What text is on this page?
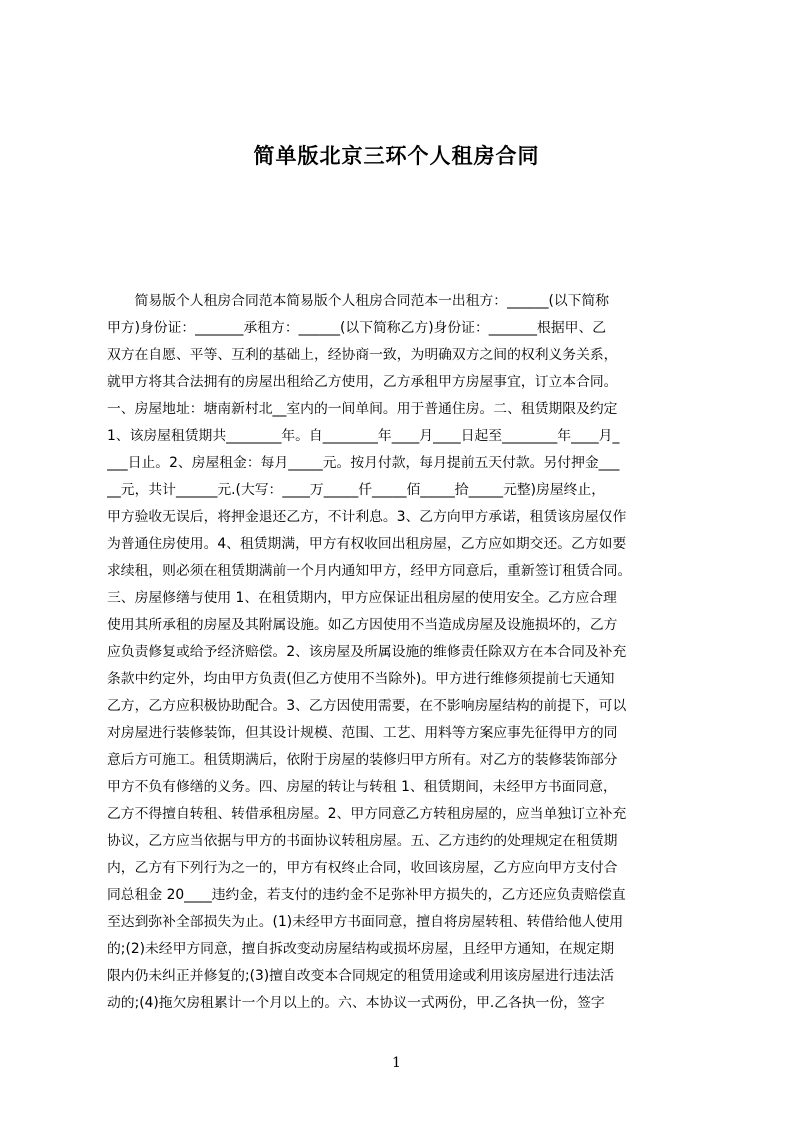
简单版北京三环个人租房合同
　　简易版个人租房合同范本简易版个人租房合同范本一出租方：______(以下简称
甲方)身份证：_______承租方：______(以下简称乙方)身份证：_______根据甲、乙
双方在自愿、平等、互利的基础上，经协商一致，为明确双方之间的权利义务关系，
就甲方将其合法拥有的房屋出租给乙方使用，乙方承租甲方房屋事宜，订立本合同。
一、房屋地址：塘南新村北__室内的一间单间。用于普通住房。二、租赁期限及约定
1、该房屋租赁期共________年。自________年____月____日起至________年____月_
___日止。2、房屋租金：每月_____元。按月付款，每月提前五天付款。另付押金___
__元，共计______元.(大写：____万_____仟_____佰_____拾_____元整)房屋终止，
甲方验收无误后，将押金退还乙方，不计利息。3、乙方向甲方承诺，租赁该房屋仅作
为普通住房使用。4、租赁期满，甲方有权收回出租房屋，乙方应如期交还。乙方如要
求续租，则必须在租赁期满前一个月内通知甲方，经甲方同意后，重新签订租赁合同。
三、房屋修缮与使用 1、在租赁期内，甲方应保证出租房屋的使用安全。乙方应合理
使用其所承租的房屋及其附属设施。如乙方因使用不当造成房屋及设施损坏的，乙方
应负责修复或给予经济赔偿。2、该房屋及所属设施的维修责任除双方在本合同及补充
条款中约定外，均由甲方负责(但乙方使用不当除外)。甲方进行维修须提前七天通知
乙方，乙方应积极协助配合。3、乙方因使用需要，在不影响房屋结构的前提下，可以
对房屋进行装修装饰，但其设计规模、范围、工艺、用料等方案应事先征得甲方的同
意后方可施工。租赁期满后，依附于房屋的装修归甲方所有。对乙方的装修装饰部分
甲方不负有修缮的义务。四、房屋的转让与转租 1、租赁期间，未经甲方书面同意，
乙方不得擅自转租、转借承租房屋。2、甲方同意乙方转租房屋的，应当单独订立补充
协议，乙方应当依据与甲方的书面协议转租房屋。五、乙方违约的处理规定在租赁期
内，乙方有下列行为之一的，甲方有权终止合同，收回该房屋，乙方应向甲方支付合
同总租金 20____违约金，若支付的违约金不足弥补甲方损失的，乙方还应负责赔偿直
至达到弥补全部损失为止。(1)未经甲方书面同意，擅自将房屋转租、转借给他人使用
的;(2)未经甲方同意，擅自拆改变动房屋结构或损坏房屋，且经甲方通知，在规定期
限内仍未纠正并修复的;(3)擅自改变本合同规定的租赁用途或利用该房屋进行违法活
动的;(4)拖欠房租累计一个月以上的。六、本协议一式两份，甲.乙各执一份，签字
1
